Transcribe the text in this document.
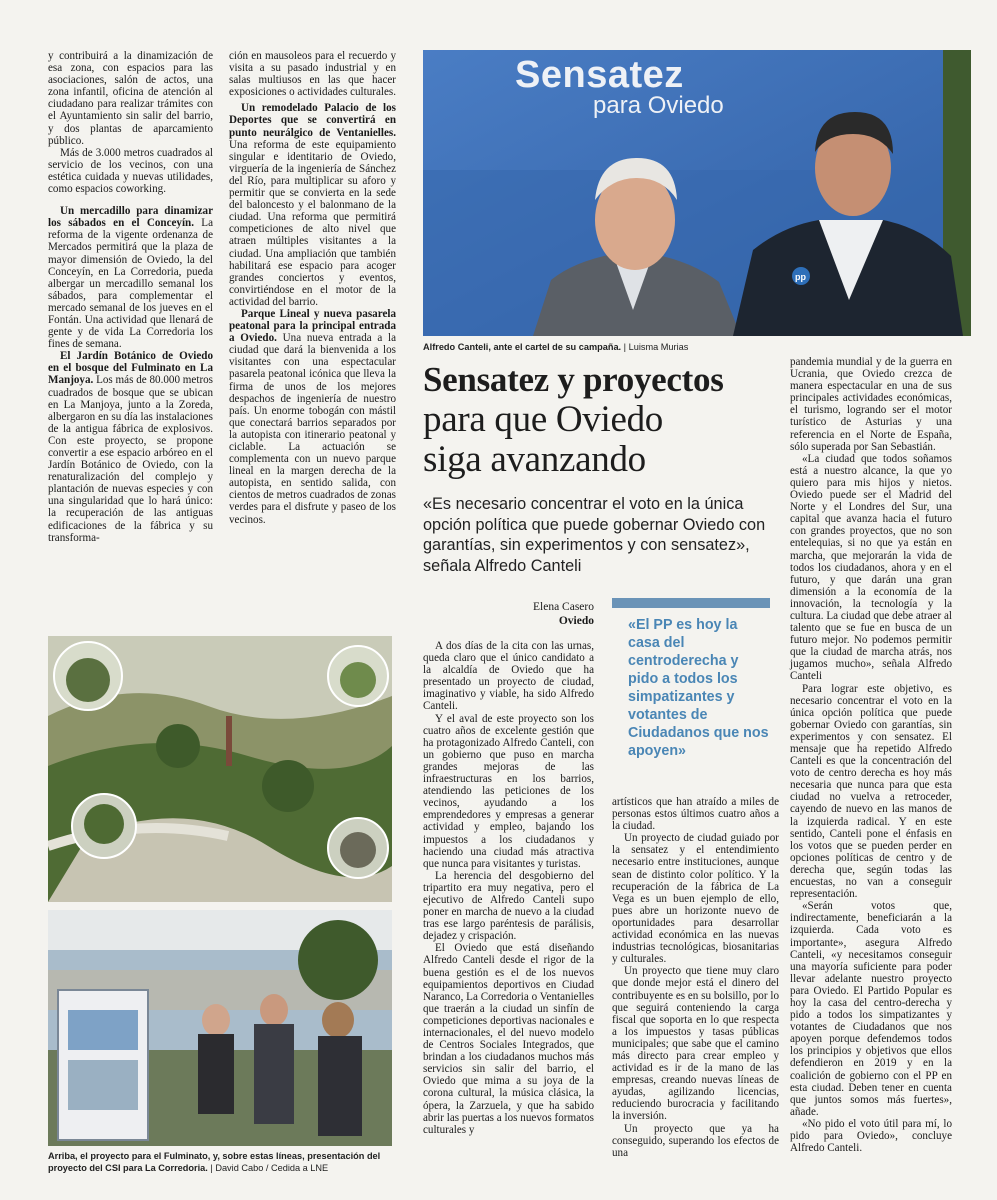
y contribuirá a la dinamización de esa zona, con espacios para las asociaciones, salón de actos, una zona infantil, oficina de atención al ciudadano para realizar trámites con el Ayuntamiento sin salir del barrio, y dos plantas de aparcamiento público.

Más de 3.000 metros cuadrados al servicio de los vecinos, con una estética cuidada y nuevas utilidades, como espacios coworking.

Un mercadillo para dinamizar los sábados en el Conceyín. La reforma de la vigente ordenanza de Mercados permitirá que la plaza de mayor dimensión de Oviedo, la del Conceyín, en La Corredoria, pueda albergar un mercadillo semanal los sábados, para complementar el mercado semanal de los jueves en el Fontán. Una actividad que llenará de gente y de vida La Corredoria los fines de semana.

El Jardín Botánico de Oviedo en el bosque del Fulminato en La Manjoya. Los más de 80.000 metros cuadrados de bosque que se ubican en La Manjoya, junto a la Zoreda, albergaron en su día las instalaciones de la antigua fábrica de explosivos. Con este proyecto, se propone convertir a ese espacio arbóreo en el Jardín Botánico de Oviedo, con la renaturalización del complejo y plantación de nuevas especies y con una singularidad que lo hará único: la recuperación de las antiguas edificaciones de la fábrica y su transforma-

ción en mausoleos para el recuerdo y visita a su pasado industrial y en salas multiusos en las que hacer exposiciones o actividades culturales.

Un remodelado Palacio de los Deportes que se convertirá en punto neurálgico de Ventanielles. Una reforma de este equipamiento singular e identitario de Oviedo, virguería de la ingeniería de Sánchez del Río, para multiplicar su aforo y permitir que se convierta en la sede del baloncesto y el balonmano de la ciudad. Una reforma que permitirá competiciones de alto nivel que atraen múltiples visitantes a la ciudad. Una ampliación que también habilitará ese espacio para acoger grandes conciertos y eventos, convirtiéndose en el motor de la actividad del barrio.

Parque Lineal y nueva pasarela peatonal para la principal entrada a Oviedo. Una nueva entrada a la ciudad que dará la bienvenida a los visitantes con una espectacular pasarela peatonal icónica que lleva la firma de unos de los mejores despachos de ingeniería de nuestro país. Un enorme tobogán con mástil que conectará barrios separados por la autopista con itinerario peatonal y ciclable. La actuación se complementa con un nuevo parque lineal en la margen derecha de la autopista, en sentido salida, con cientos de metros cuadrados de zonas verdes para el disfrute y paseo de los vecinos.

pp
Sensatez
para Oviedo
Alfredo Canteli, ante el cartel de su campaña. | Luisma Murias
Sensatez y proyectos
para que Oviedo
siga avanzando
«Es necesario concentrar el voto en la única opción política que puede gobernar Oviedo con garantías, sin experimentos y con sensatez», señala Alfredo Canteli
Elena Casero
Oviedo	«El PP es hoy la casa del centroderecha y pido a todos los simpatizantes y votantes de Ciudadanos que nos apoyen»

A dos días de la cita con las urnas, queda claro que el único candidato a la alcaldía de Oviedo que ha presentado un proyecto de ciudad, imaginativo y viable, ha sido Alfredo Canteli.

Y el aval de este proyecto son los cuatro años de excelente gestión que ha protagonizado Alfredo Canteli, con un gobierno que puso en marcha grandes mejoras de las infraestructuras en los barrios, atendiendo las peticiones de los vecinos, ayudando a los emprendedores y empresas a generar actividad y empleo, bajando los impuestos a los ciudadanos y haciendo una ciudad más atractiva que nunca para visitantes y turistas.

La herencia del desgobierno del tripartito era muy negativa, pero el ejecutivo de Alfredo Canteli supo poner en marcha de nuevo a la ciudad tras ese largo paréntesis de parálisis, dejadez y crispación.

El Oviedo que está diseñando Alfredo Canteli desde el rigor de la buena gestión es el de los nuevos equipamientos deportivos en Ciudad Naranco, La Corredoria o Ventanielles que traerán a la ciudad un sinfín de competiciones deportivas nacionales e internacionales, el del nuevo modelo de Centros Sociales Integrados, que brindan a los ciudadanos muchos más servicios sin salir del barrio, el Oviedo que mima a su joya de la corona cultural, la música clásica, la ópera, la Zarzuela, y que ha sabido abrir las puertas a los nuevos formatos culturales y

artísticos que han atraído a miles de personas estos últimos cuatro años a la ciudad.

Un proyecto de ciudad guiado por la sensatez y el entendimiento necesario entre instituciones, aunque sean de distinto color político. Y la recuperación de la fábrica de La Vega es un buen ejemplo de ello, pues abre un horizonte nuevo de oportunidades para desarrollar actividad económica en las nuevas industrias tecnológicas, biosanitarias y culturales.

Un proyecto que tiene muy claro que donde mejor está el dinero del contribuyente es en su bolsillo, por lo que seguirá conteniendo la carga fiscal que soporta en lo que respecta a los impuestos y tasas públicas municipales; que sabe que el camino más directo para crear empleo y actividad es ir de la mano de las empresas, creando nuevas líneas de ayudas, agilizando licencias, reduciendo burocracia y facilitando la inversión.

Un proyecto que ya ha conseguido, superando los efectos de una

pandemia mundial y de la guerra en Ucrania, que Oviedo crezca de manera espectacular en una de sus principales actividades económicas, el turismo, logrando ser el motor turístico de Asturias y una referencia en el Norte de España, sólo superada por San Sebastián.

«La ciudad que todos soñamos está a nuestro alcance, la que yo quiero para mis hijos y nietos. Oviedo puede ser el Madrid del Norte y el Londres del Sur, una capital que avanza hacia el futuro con grandes proyectos, que no son entelequias, si no que ya están en marcha, que mejorarán la vida de todos los ciudadanos, ahora y en el futuro, y que darán una gran dimensión a la economía de la innovación, la tecnología y la cultura. La ciudad que debe atraer al talento que se fue en busca de un futuro mejor. No podemos permitir que la ciudad de marcha atrás, nos jugamos mucho», señala Alfredo Canteli

Para lograr este objetivo, es necesario concentrar el voto en la única opción política que puede gobernar Oviedo con garantías, sin experimentos y con sensatez. El mensaje que ha repetido Alfredo Canteli es que la concentración del voto de centro derecha es hoy más necesaria que nunca para que esta ciudad no vuelva a retroceder, cayendo de nuevo en las manos de la izquierda radical. Y en este sentido, Canteli pone el énfasis en los votos que se pueden perder en opciones políticas de centro y de derecha que, según todas las encuestas, no van a conseguir representación.

«Serán votos que, indirectamente, beneficiarán a la izquierda. Cada voto es importante», asegura Alfredo Canteli, «y necesitamos conseguir una mayoría suficiente para poder llevar adelante nuestro proyecto para Oviedo. El Partido Popular es hoy la casa del centro-derecha y pido a todos los simpatizantes y votantes de Ciudadanos que nos apoyen porque defendemos todos los principios y objetivos que ellos defendieron en 2019 y en la coalición de gobierno con el PP en esta ciudad. Deben tener en cuenta que juntos somos más fuertes», añade.

«No pido el voto útil para mí, lo pido para Oviedo», concluye Alfredo Canteli.

Arriba, el proyecto para el Fulminato, y, sobre estas líneas, presentación del proyecto del CSI para La Corredoria. | David Cabo / Cedida a LNE
